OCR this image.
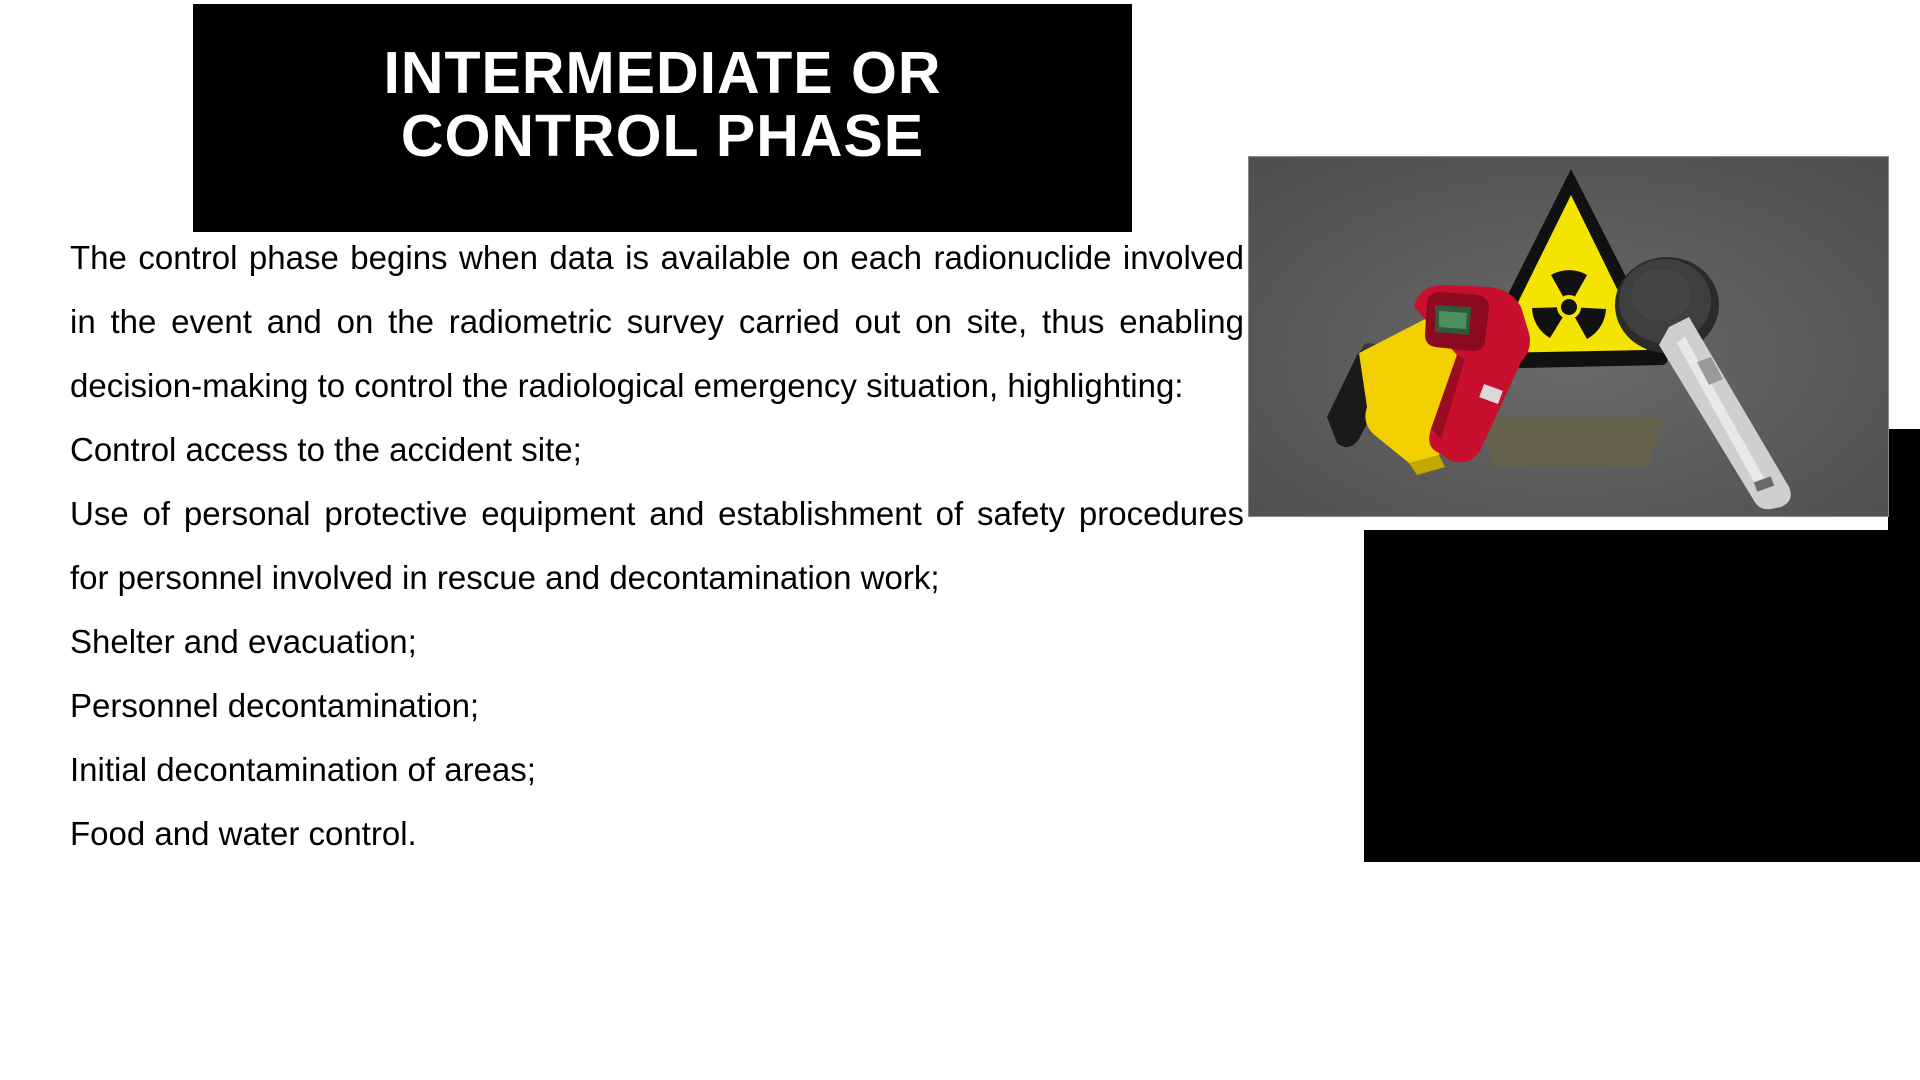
INTERMEDIATE OR
CONTROL PHASE

The control phase begins when data is available on each radionuclide involved in the event and on the radiometric survey carried out on site, thus enabling decision-making to control the radiological emergency situation, highlighting:

Control access to the accident site;

Use of personal protective equipment and establishment of safety procedures for personnel involved in rescue and decontamination work;

Shelter and evacuation;

Personnel decontamination;

Initial decontamination of areas;

Food and water control.
